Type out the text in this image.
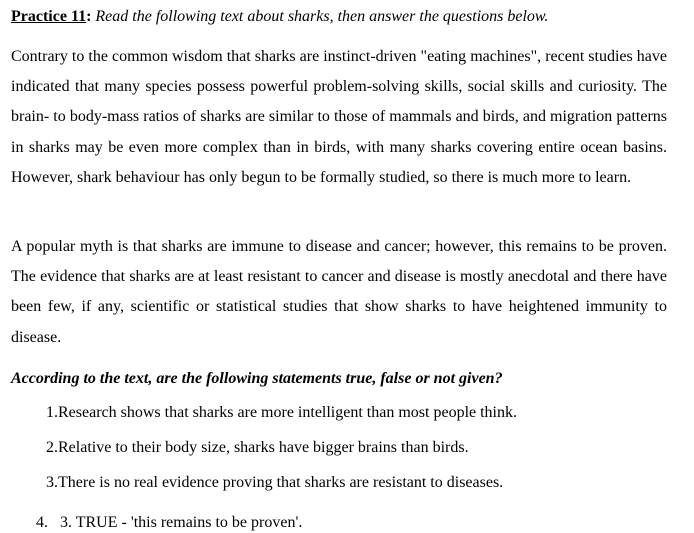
Practice 11: Read the following text about sharks, then answer the questions below.
Contrary to the common wisdom that sharks are instinct-driven "eating machines", recent studies have indicated that many species possess powerful problem-solving skills, social skills and curiosity. The brain- to body-mass ratios of sharks are similar to those of mammals and birds, and migration patterns in sharks may be even more complex than in birds, with many sharks covering entire ocean basins. However, shark behaviour has only begun to be formally studied, so there is much more to learn.
A popular myth is that sharks are immune to disease and cancer; however, this remains to be proven. The evidence that sharks are at least resistant to cancer and disease is mostly anecdotal and there have been few, if any, scientific or statistical studies that show sharks to have heightened immunity to disease.
According to the text, are the following statements true, false or not given?
1.Research shows that sharks are more intelligent than most people think.
2.Relative to their body size, sharks have bigger brains than birds.
3.There is no real evidence proving that sharks are resistant to diseases.
4. 3. TRUE - 'this remains to be proven'.
